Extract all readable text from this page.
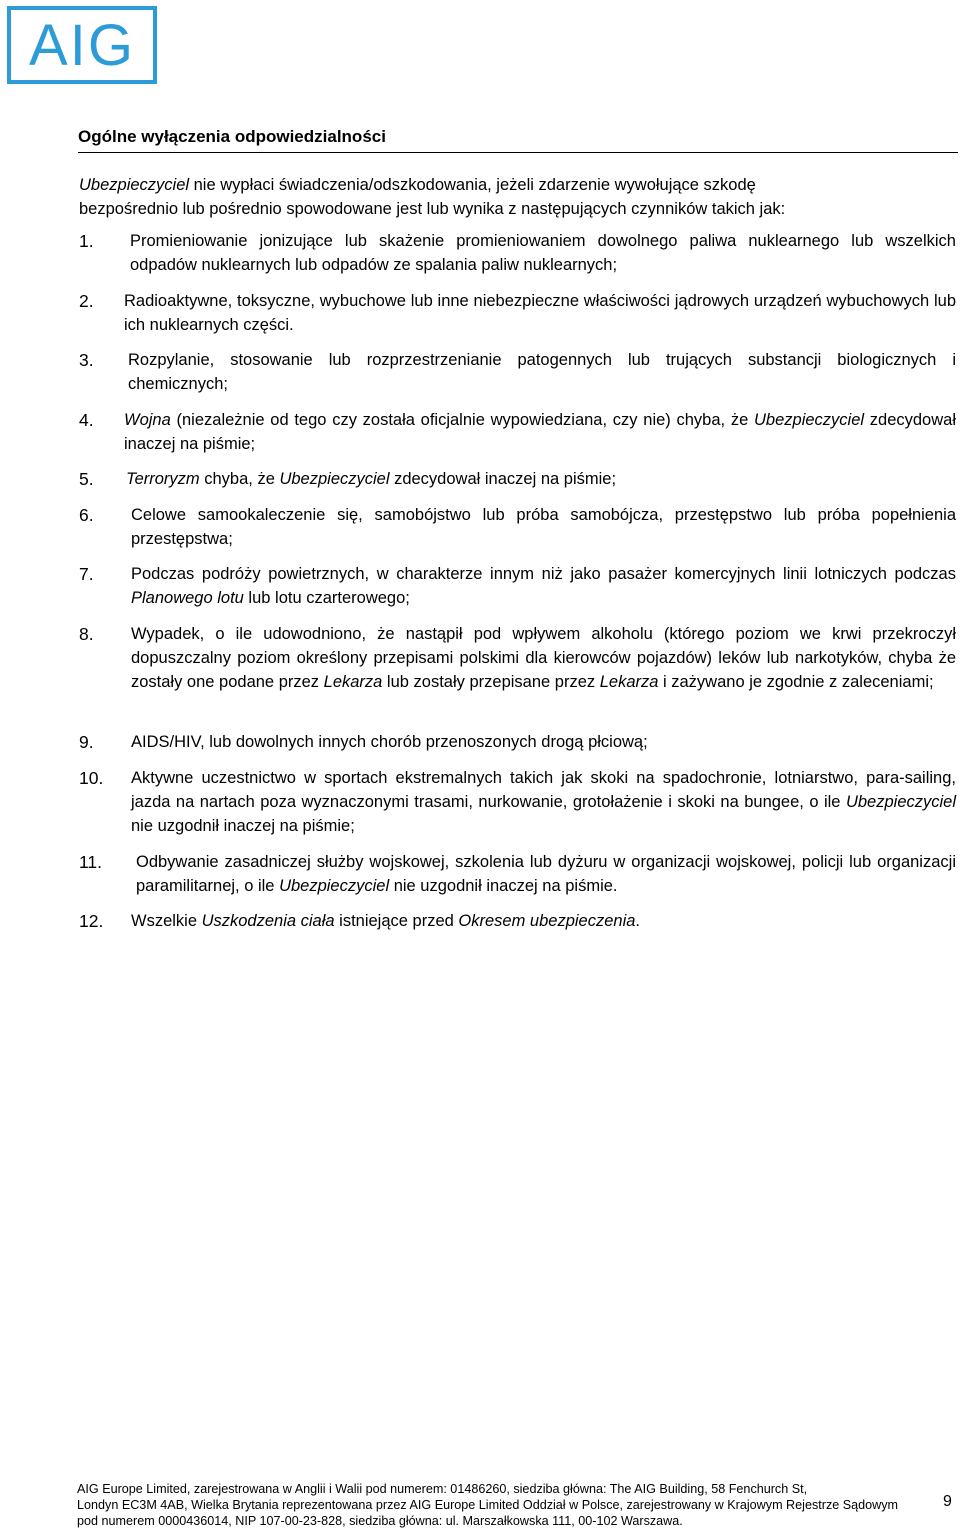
AIG
Ogólne wyłączenia odpowiedzialności
Ubezpieczyciel nie wypłaci świadczenia/odszkodowania, jeżeli zdarzenie wywołujące szkodę
bezpośrednio lub pośrednio spowodowane jest lub wynika z następujących czynników takich jak:
1.	Promieniowanie jonizujące lub skażenie promieniowaniem dowolnego paliwa nuklearnego lub wszelkich odpadów nuklearnych lub odpadów ze spalania paliw nuklearnych;
2.	Radioaktywne, toksyczne, wybuchowe lub inne niebezpieczne właściwości jądrowych urządzeń wybuchowych lub ich nuklearnych części.
3.	Rozpylanie, stosowanie lub rozprzestrzenianie patogennych lub trujących substancji biologicznych i chemicznych;
4.	Wojna (niezależnie od tego czy została oficjalnie wypowiedziana, czy nie) chyba, że Ubezpieczyciel zdecydował inaczej na piśmie;
5.	Terroryzm chyba, że Ubezpieczyciel zdecydował inaczej na piśmie;
6.	Celowe samookaleczenie się, samobójstwo lub próba samobójcza, przestępstwo lub próba popełnienia przestępstwa;
7.	Podczas podróży powietrznych, w charakterze innym niż jako pasażer komercyjnych linii lotniczych podczas Planowego lotu lub lotu czarterowego;
8.	Wypadek, o ile udowodniono, że nastąpił pod wpływem alkoholu (którego poziom we krwi przekroczył dopuszczalny poziom określony przepisami polskimi dla kierowców pojazdów) leków lub narkotyków, chyba że zostały one podane przez Lekarza lub zostały przepisane przez Lekarza i zażywano je zgodnie z zaleceniami;
9.	AIDS/HIV, lub dowolnych innych chorób przenoszonych drogą płciową;
10.	Aktywne uczestnictwo w sportach ekstremalnych takich jak skoki na spadochronie, lotniarstwo, para-sailing, jazda na nartach poza wyznaczonymi trasami, nurkowanie, grotołażenie i skoki na bungee, o ile Ubezpieczyciel nie uzgodnił inaczej na piśmie;
11.	Odbywanie zasadniczej służby wojskowej, szkolenia lub dyżuru w organizacji wojskowej, policji lub organizacji paramilitarnej, o ile Ubezpieczyciel nie uzgodnił inaczej na piśmie.
12.	Wszelkie Uszkodzenia ciała istniejące przed Okresem ubezpieczenia.
AIG Europe Limited, zarejestrowana w Anglii i Walii pod numerem: 01486260, siedziba główna: The AIG Building, 58 Fenchurch St,
Londyn EC3M 4AB, Wielka Brytania reprezentowana przez AIG Europe Limited Oddział w Polsce, zarejestrowany w Krajowym Rejestrze Sądowym
pod numerem 0000436014, NIP 107-00-23-828, siedziba główna: ul. Marszałkowska 111, 00-102 Warszawa.
9
